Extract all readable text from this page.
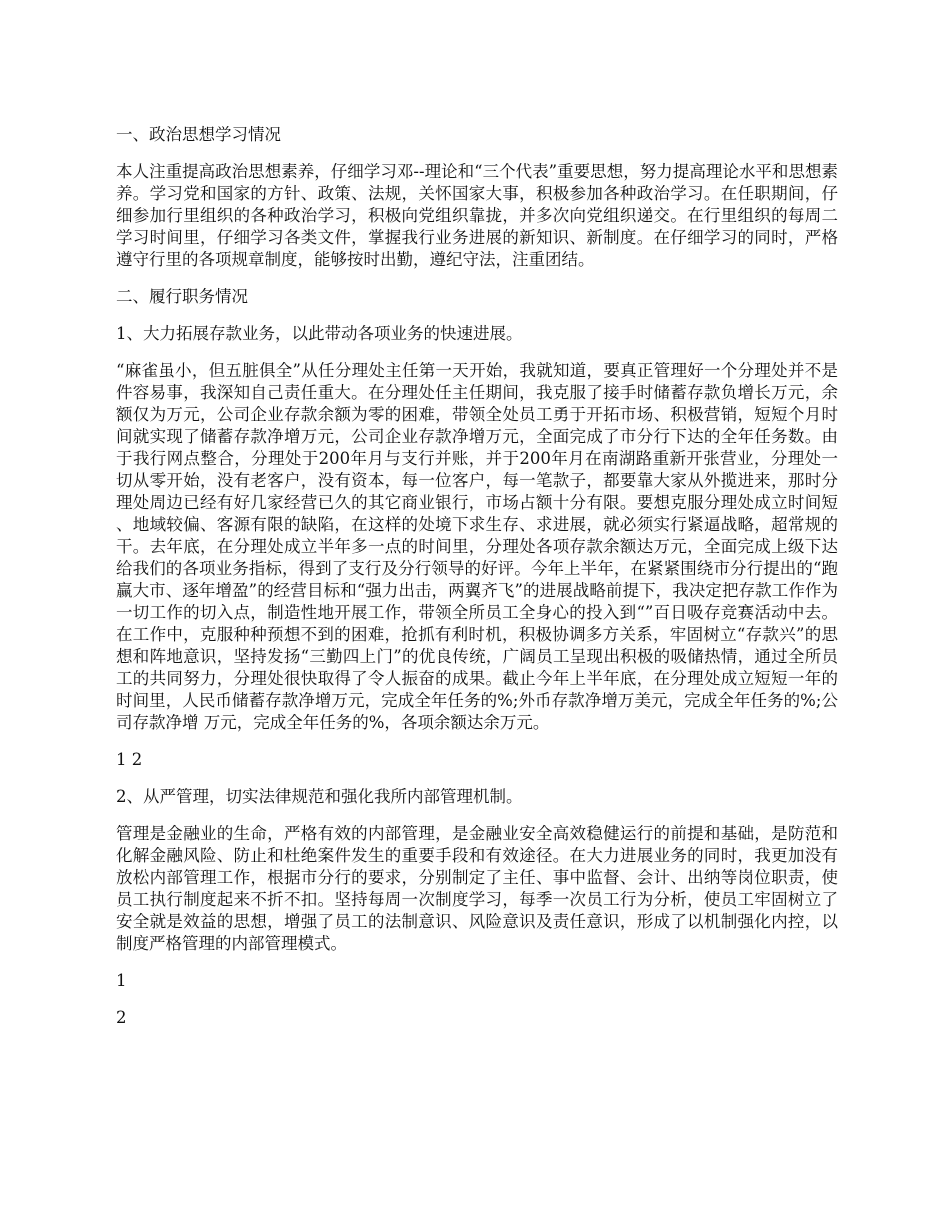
一、政治思想学习情况

本人注重提高政治思想素养，仔细学习邓--理论和“三个代表”重要思想，努力提高理论水平和思想素养。学习党和国家的方针、政策、法规，关怀国家大事，积极参加各种政治学习。在任职期间，仔细参加行里组织的各种政治学习，积极向党组织靠拢，并多次向党组织递交。在行里组织的每周二学习时间里，仔细学习各类文件，掌握我行业务进展的新知识、新制度。在仔细学习的同时，严格遵守行里的各项规章制度，能够按时出勤，遵纪守法，注重团结。

二、履行职务情况

1、大力拓展存款业务，以此带动各项业务的快速进展。

“麻雀虽小，但五脏俱全”从任分理处主任第一天开始，我就知道，要真正管理好一个分理处并不是件容易事，我深知自己责任重大。在分理处任主任期间，我克服了接手时储蓄存款负增长万元，余额仅为万元，公司企业存款余额为零的困难，带领全处员工勇于开拓市场、积极营销，短短个月时间就实现了储蓄存款净增万元，公司企业存款净增万元，全面完成了市分行下达的全年任务数。由于我行网点整合，分理处于200年月与支行并账，并于200年月在南湖路重新开张营业，分理处一切从零开始，没有老客户，没有资本，每一位客户，每一笔款子，都要靠大家从外揽进来，那时分理处周边已经有好几家经营已久的其它商业银行，市场占额十分有限。要想克服分理处成立时间短、地域较偏、客源有限的缺陷，在这样的处境下求生存、求进展，就必须实行紧逼战略，超常规的干。去年底，在分理处成立半年多一点的时间里，分理处各项存款余额达万元，全面完成上级下达给我们的各项业务指标，得到了支行及分行领导的好评。今年上半年，在紧紧围绕市分行提出的“跑赢大市、逐年增盈”的经营目标和“强力出击，两翼齐飞”的进展战略前提下，我决定把存款工作作为一切工作的切入点，制造性地开展工作，带领全所员工全身心的投入到“”百日吸存竞赛活动中去。在工作中，克服种种预想不到的困难，抢抓有利时机，积极协调多方关系，牢固树立“存款兴”的思想和阵地意识，坚持发扬“三勤四上门”的优良传统，广阔员工呈现出积极的吸储热情，通过全所员工的共同努力，分理处很快取得了令人振奋的成果。截止今年上半年底，在分理处成立短短一年的时间里，人民币储蓄存款净增万元，完成全年任务的%;外币存款净增万美元，完成全年任务的%;公司存款净增 万元，完成全年任务的%，各项余额达余万元。

1 2

2、从严管理，切实法律规范和强化我所内部管理机制。

管理是金融业的生命，严格有效的内部管理，是金融业安全高效稳健运行的前提和基础，是防范和化解金融风险、防止和杜绝案件发生的重要手段和有效途径。在大力进展业务的同时，我更加没有放松内部管理工作，根据市分行的要求，分别制定了主任、事中监督、会计、出纳等岗位职责，使员工执行制度起来不折不扣。坚持每周一次制度学习，每季一次员工行为分析，使员工牢固树立了安全就是效益的思想，增强了员工的法制意识、风险意识及责任意识，形成了以机制强化内控，以制度严格管理的内部管理模式。

1

2
